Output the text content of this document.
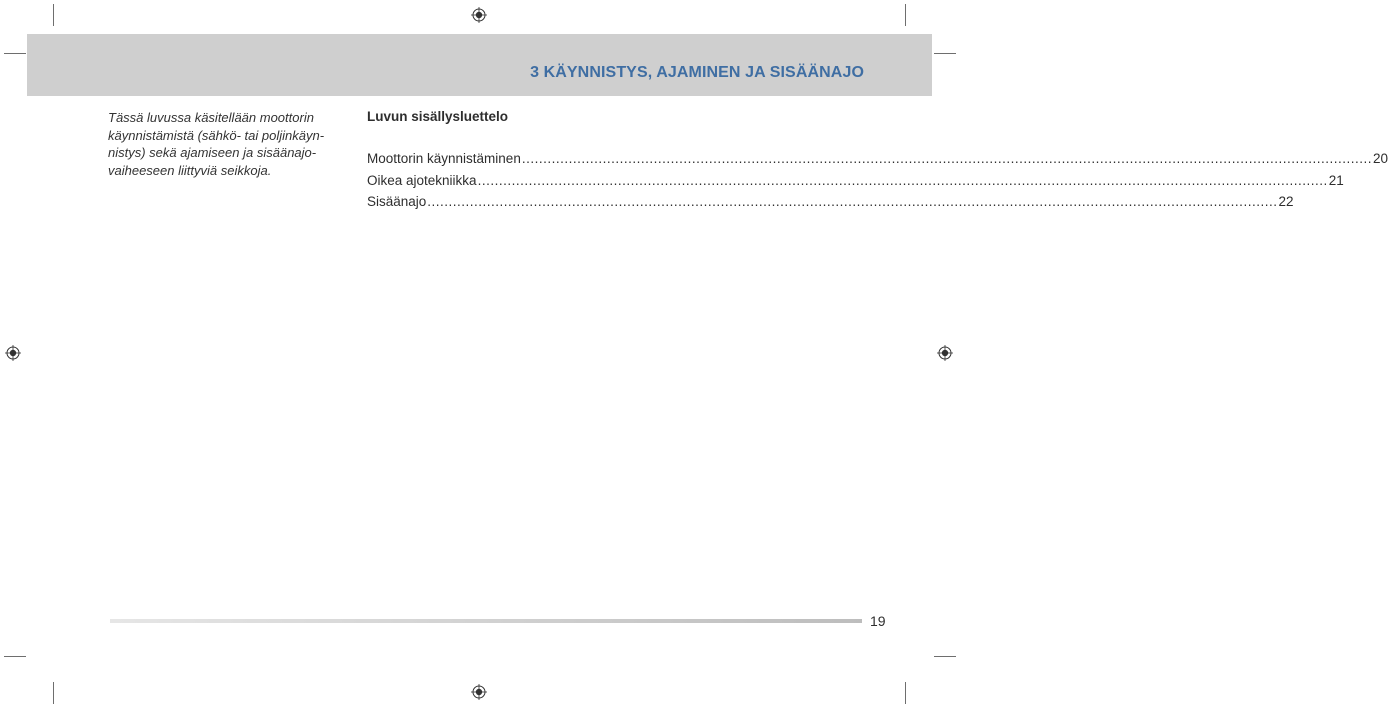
3 KÄYNNISTYS, AJAMINEN JA SISÄÄNAJO
Tässä luvussa käsitellään moottorin
käynnistämistä (sähkö- tai poljinkäyn-
nistys) sekä ajamiseen ja sisäänajo-
vaiheeseen liittyviä seikkoja.
Luvun sisällysluettelo
Moottorin käynnistäminen ........................................................................................................................................................................................................ 20
Oikea ajotekniikka ........................................................................................................................................................................................................ 21
Sisäänajo ........................................................................................................................................................................................................ 22
19
